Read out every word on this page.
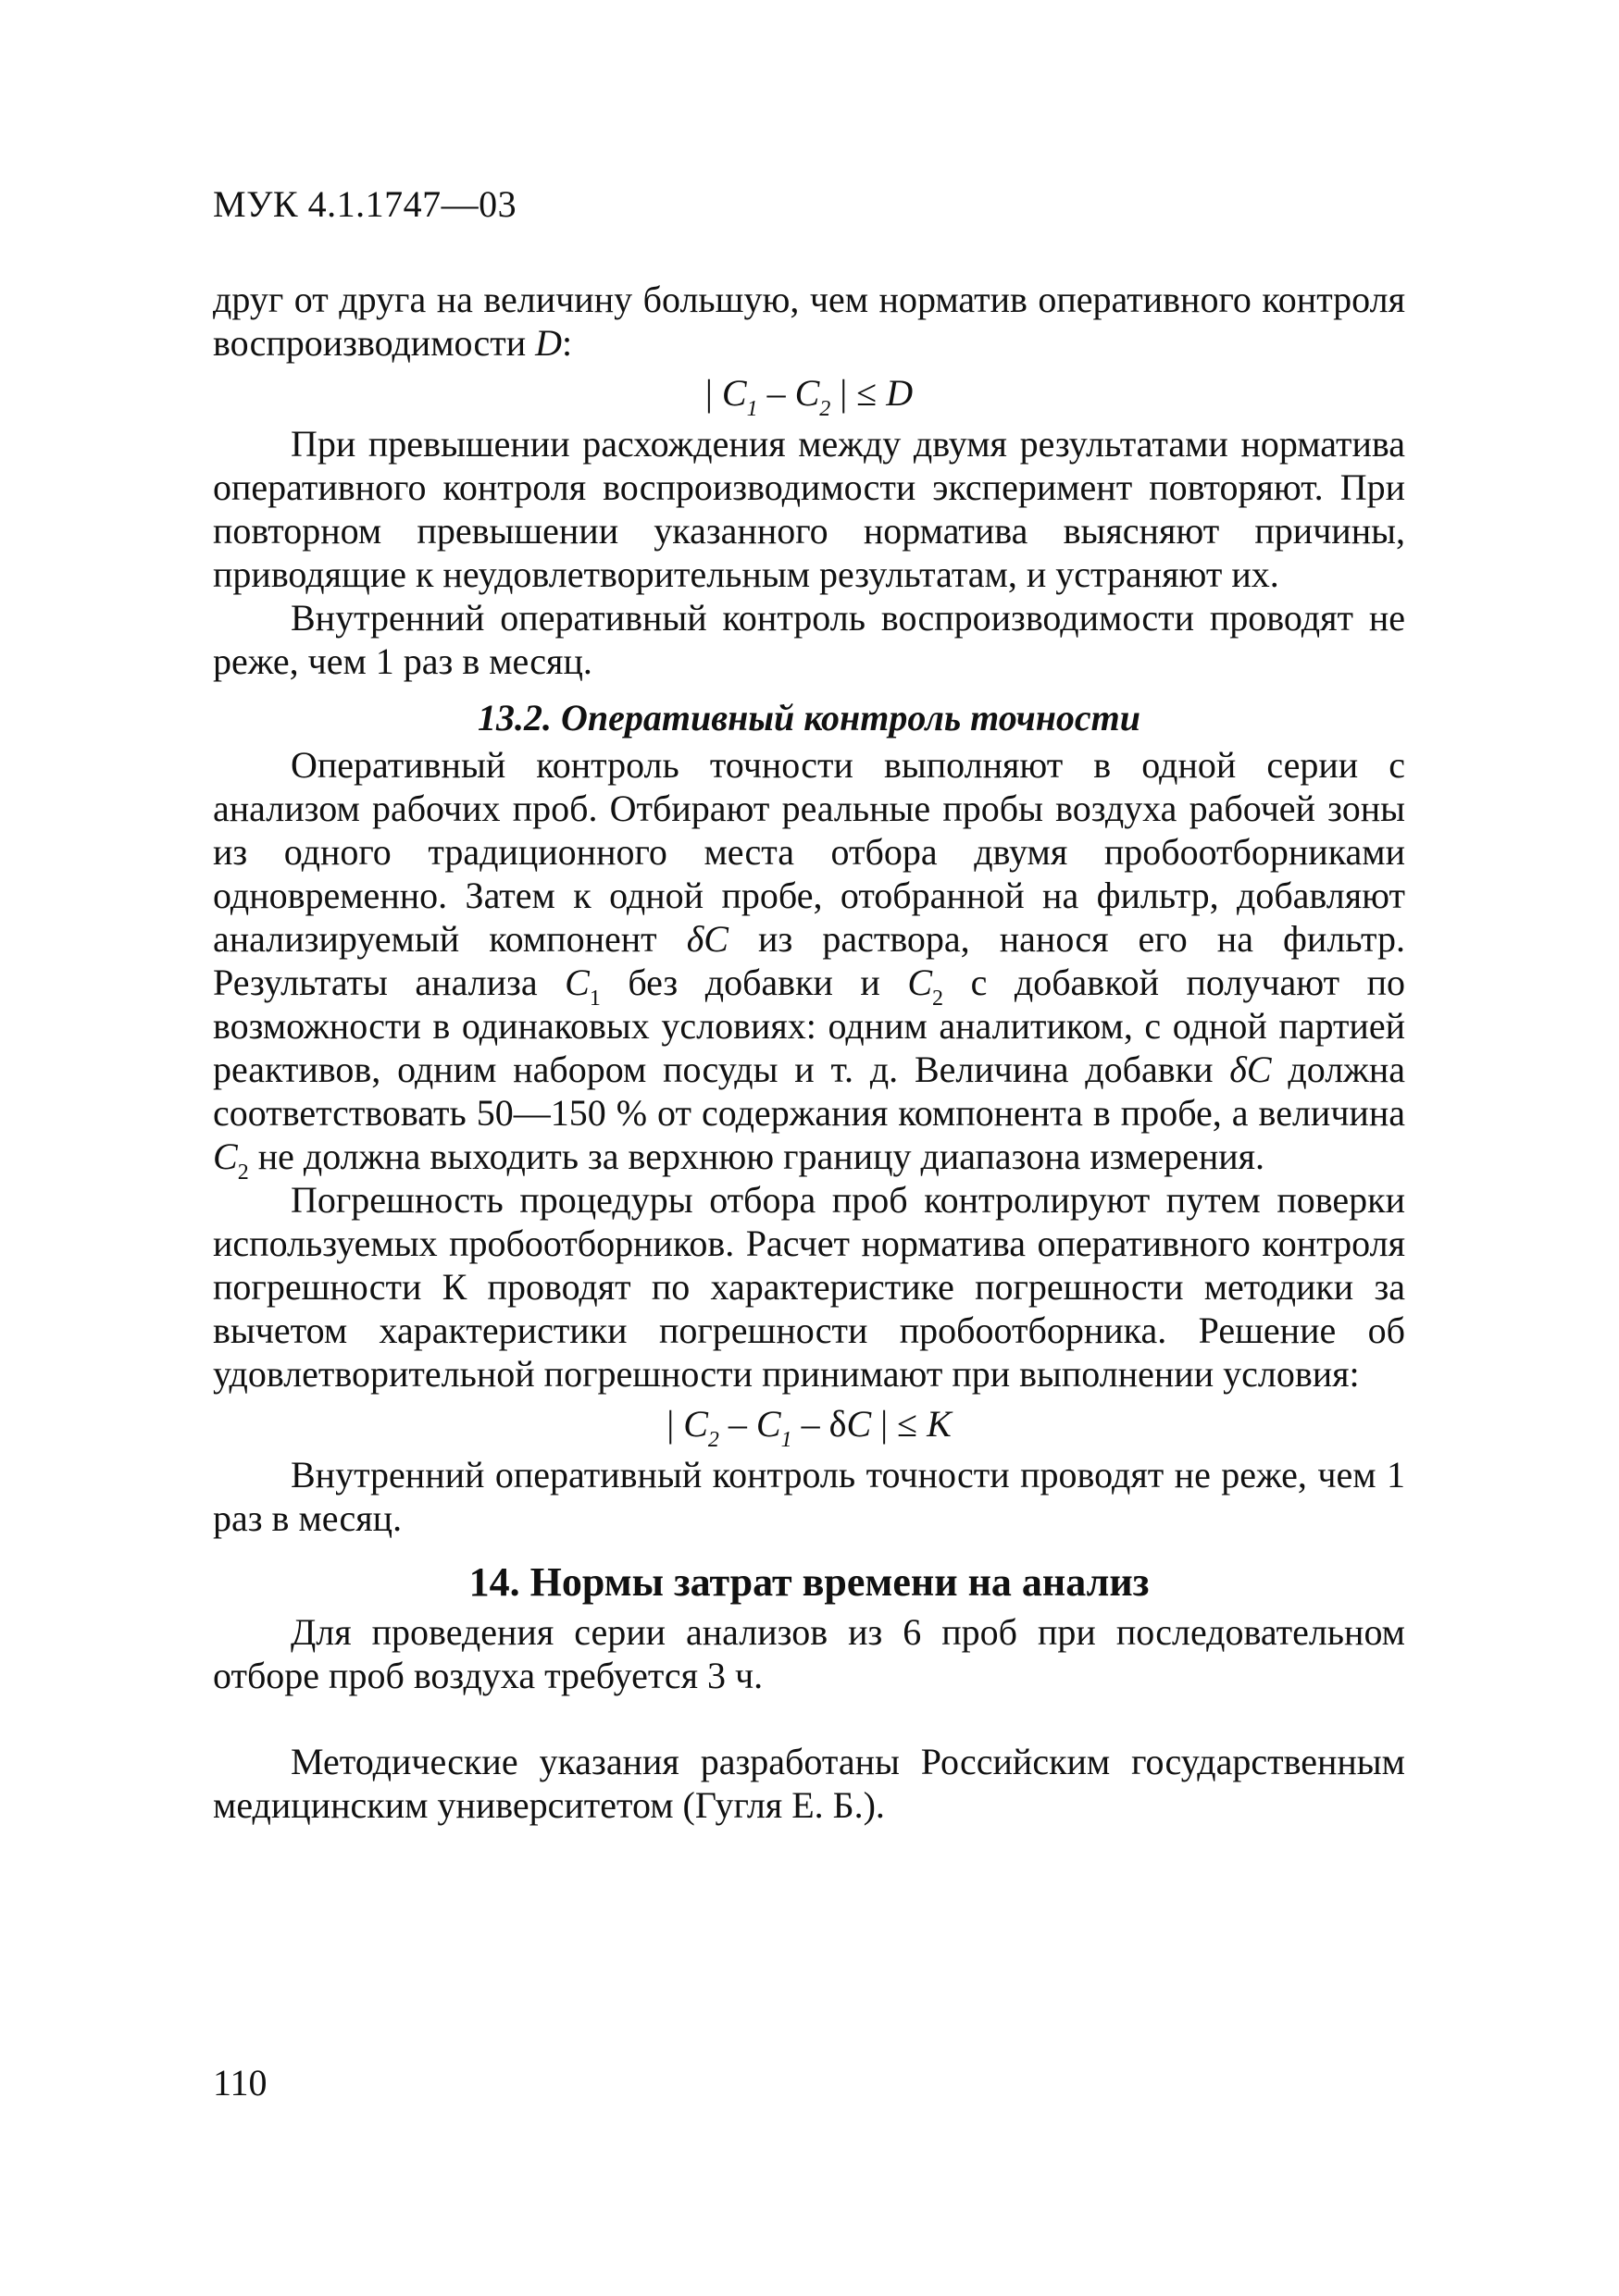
МУК 4.1.1747—03

друг от друга на величину большую, чем норматив оперативного контроля воспроизводимости D:

| $C_1 - C_2$ | ≤ D

При превышении расхождения между двумя результатами норматива оперативного контроля воспроизводимости эксперимент повторяют. При повторном превышении указанного норматива выясняют причины, приводящие к неудовлетворительным результатам, и устраняют их.

Внутренний оперативный контроль воспроизводимости проводят не реже, чем 1 раз в месяц.

13.2. Оперативный контроль точности

Оперативный контроль точности выполняют в одной серии с анализом рабочих проб. Отбирают реальные пробы воздуха рабочей зоны из одного традиционного места отбора двумя пробоотборниками одновременно. Затем к одной пробе, отобранной на фильтр, добавляют анализируемый компонент δC из раствора, нанося его на фильтр. Результаты анализа $C_1$ без добавки и $C_2$ с добавкой получают по возможности в одинаковых условиях: одним аналитиком, с одной партией реактивов, одним набором посуды и т. д. Величина добавки δC должна соответствовать 50—150 % от содержания компонента в пробе, а величина $C_2$ не должна выходить за верхнюю границу диапазона измерения.

Погрешность процедуры отбора проб контролируют путем поверки используемых пробоотборников. Расчет норматива оперативного контроля погрешности К проводят по характеристике погрешности методики за вычетом характеристики погрешности пробоотборника. Решение об удовлетворительной погрешности принимают при выполнении условия:

| $C_2 - C_1$ – δC | ≤ K

Внутренний оперативный контроль точности проводят не реже, чем 1 раз в месяц.

14. Нормы затрат времени на анализ

Для проведения серии анализов из 6 проб при последовательном отборе проб воздуха требуется 3 ч.

Методические указания разработаны Российским государственным медицинским университетом (Гугля Е. Б.).

110
